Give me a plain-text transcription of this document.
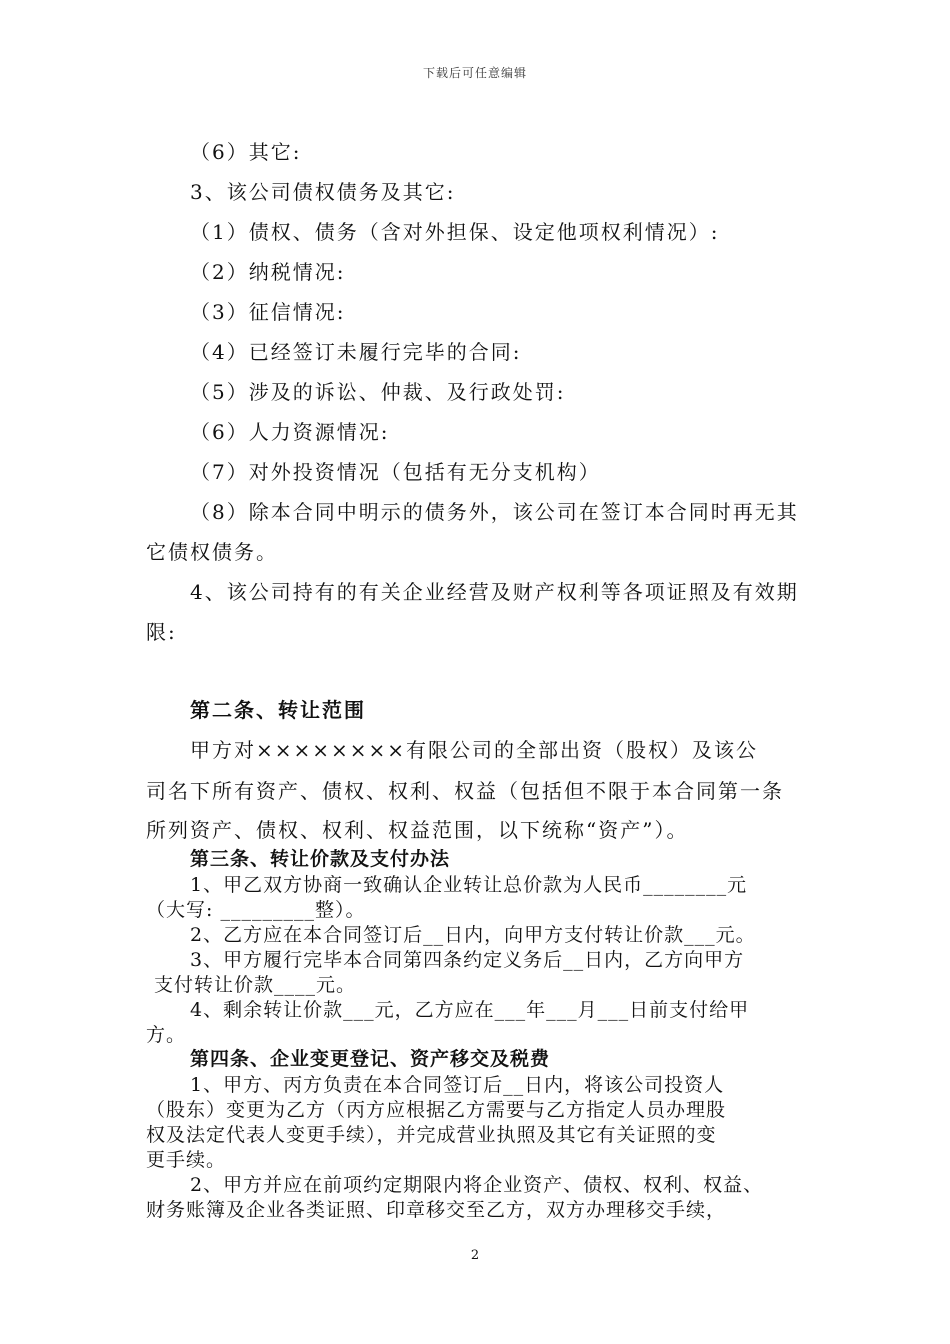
下载后可任意编辑
（6）其它:
3、该公司债权债务及其它:
（1）债权、债务（含对外担保、设定他项权利情况）:
（2）纳税情况:
（3）征信情况:
（4）已经签订未履行完毕的合同:
（5）涉及的诉讼、仲裁、及行政处罚:
（6）人力资源情况:
（7）对外投资情况（包括有无分支机构）
（8）除本合同中明示的债务外，该公司在签订本合同时再无其
它债权债务。
4、该公司持有的有关企业经营及财产权利等各项证照及有效期
限:
第二条、转让范围
甲方对××××××××有限公司的全部出资（股权）及该公
司名下所有资产、债权、权利、权益（包括但不限于本合同第一条
所列资产、债权、权利、权益范围，以下统称“资产”）。
第三条、转让价款及支付办法
1、甲乙双方协商一致确认企业转让总价款为人民币________元
（大写: _________整）。
2、乙方应在本合同签订后__日内，向甲方支付转让价款___元。
3、甲方履行完毕本合同第四条约定义务后__日内，乙方向甲方
支付转让价款____元。
4、剩余转让价款___元，乙方应在___年___月___日前支付给甲
方。
第四条、企业变更登记、资产移交及税费
1、甲方、丙方负责在本合同签订后__日内，将该公司投资人
（股东）变更为乙方（丙方应根据乙方需要与乙方指定人员办理股
权及法定代表人变更手续），并完成营业执照及其它有关证照的变
更手续。
2、甲方并应在前项约定期限内将企业资产、债权、权利、权益、
财务账簿及企业各类证照、印章移交至乙方，双方办理移交手续，
2
